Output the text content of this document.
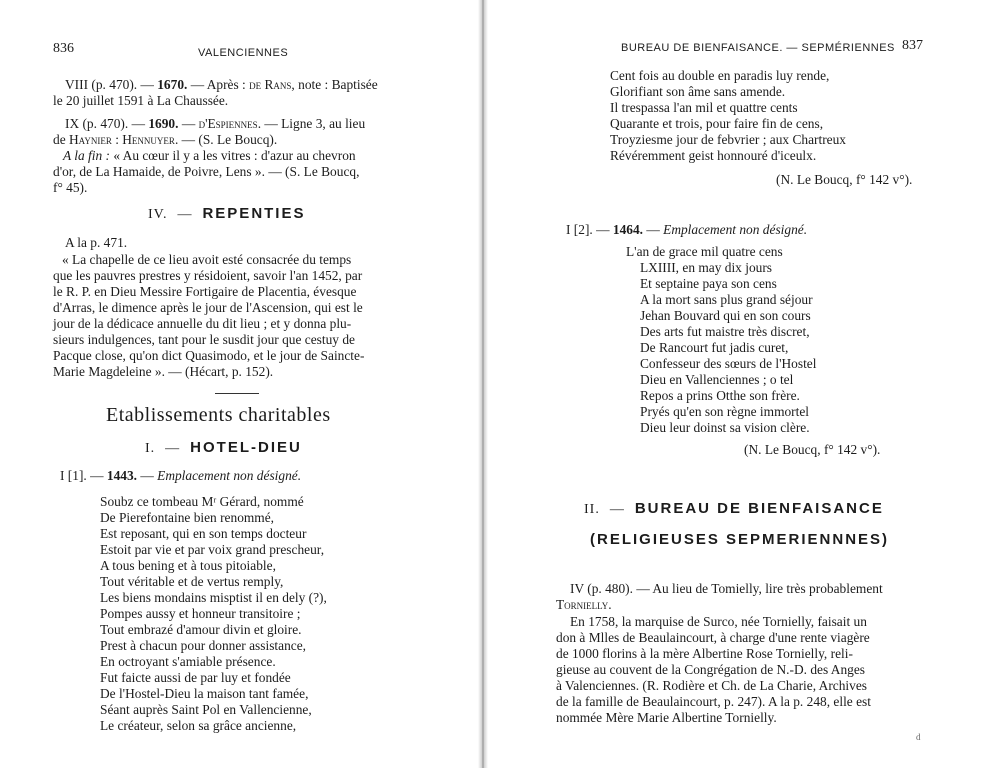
836	VALENCIENNES
VIII (p. 470). — 1670. — Après : de Rans, note : Baptisée
le 20 juillet 1591 à La Chaussée.
IX (p. 470). — 1690. — d'Espiennes. — Ligne 3, au lieu
de Haynier : Hennuyer. — (S. Le Boucq).
A la fin : « Au cœur il y a les vitres : d'azur au chevron
d'or, de La Hamaide, de Poivre, Lens ». — (S. Le Boucq,
f° 45).
IV. — REPENTIES
A la p. 471.
« La chapelle de ce lieu avoit esté consacrée du temps
que les pauvres prestres y résidoient, savoir l'an 1452, par
le R. P. en Dieu Messire Fortigaire de Placentia, évesque
d'Arras, le dimence après le jour de l'Ascension, qui est le
jour de la dédicace annuelle du dit lieu ; et y donna plu-
sieurs indulgences, tant pour le susdit jour que cestuy de
Pacque close, qu'on dict Quasimodo, et le jour de Saincte-
Marie Magdeleine ». — (Hécart, p. 152).
Etablissements charitables
I. — HOTEL-DIEU
I [1]. — 1443. — Emplacement non désigné.
Soubz ce tombeau Mʳ Gérard, nommé
De Pierefontaine bien renommé,
Est reposant, qui en son temps docteur
Estoit par vie et par voix grand prescheur,
A tous bening et à tous pitoiable,
Tout véritable et de vertus remply,
Les biens mondains misptist il en dely (?),
Pompes aussy et honneur transitoire ;
Tout embrazé d'amour divin et gloire.
Prest à chacun pour donner assistance,
En octroyant s'amiable présence.
Fut faicte aussi de par luy et fondée
De l'Hostel-Dieu la maison tant famée,
Séant auprès Saint Pol en Vallencienne,
Le créateur, selon sa grâce ancienne,
BUREAU DE BIENFAISANCE. — SEPMÉRIENNES 837
Cent fois au double en paradis luy rende,
Glorifiant son âme sans amende.
Il trespassa l'an mil et quattre cents
Quarante et trois, pour faire fin de cens,
Troyziesme jour de febvrier ; aux Chartreux
Révéremment geist honnouré d'iceulx.
(N. Le Boucq, f° 142 v°).
I [2]. — 1464. — Emplacement non désigné.
L'an de grace mil quatre cens
LXIIII, en may dix jours
Et septaine paya son cens
A la mort sans plus grand séjour
Jehan Bouvard qui en son cours
Des arts fut maistre très discret,
De Rancourt fut jadis curet,
Confesseur des sœurs de l'Hostel
Dieu en Vallenciennes ; o tel
Repos a prins Otthe son frère.
Pryés qu'en son règne immortel
Dieu leur doinst sa vision clère.
(N. Le Boucq, f° 142 v°).
II. — BUREAU DE BIENFAISANCE
(RELIGIEUSES SEPMERIENNNES)
IV (p. 480). — Au lieu de Tomielly, lire très probablement
Tornielly.
En 1758, la marquise de Surco, née Tornielly, faisait un
don à Mlles de Beaulaincourt, à charge d'une rente viagère
de 1000 florins à la mère Albertine Rose Tornielly, reli-
gieuse au couvent de la Congrégation de N.-D. des Anges
à Valenciennes. (R. Rodière et Ch. de La Charie, Archives
de la famille de Beaulaincourt, p. 247). A la p. 248, elle est
nommée Mère Marie Albertine Tornielly.
d
